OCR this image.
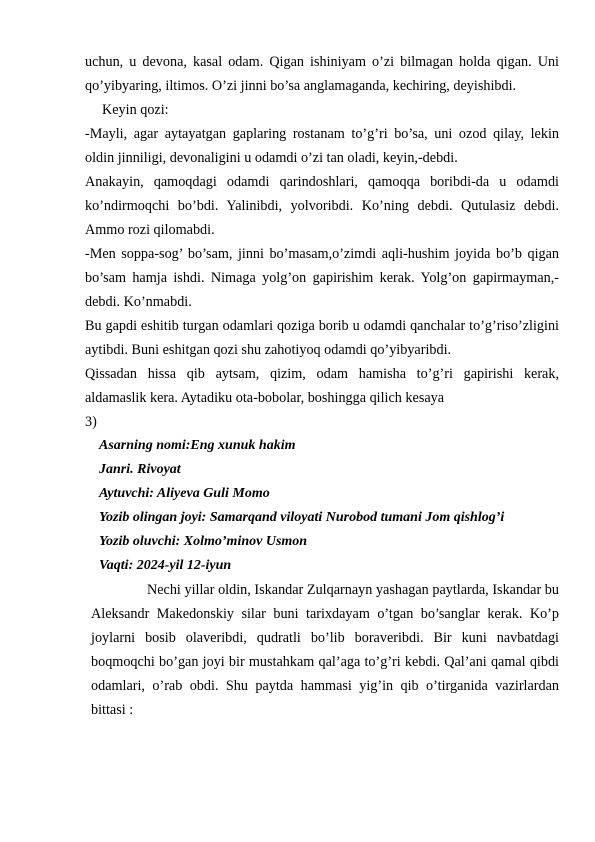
uchun, u devona, kasal odam. Qigan ishiniyam o’zi bilmagan holda qigan. Uni qo’yibyaring, iltimos. O’zi jinni bo’sa anglamaganda, kechiring, deyishibdi.

Keyin qozi:

-Mayli, agar aytayatgan gaplaring rostanam to’g’ri bo’sa, uni ozod qilay, lekin oldin jinniligi, devonaligini u odamdi o’zi tan oladi, keyin,-debdi.

Anakayin, qamoqdagi odamdi qarindoshlari, qamoqqa boribdi-da u odamdi ko’ndirmoqchi bo’bdi. Yalinibdi, yolvoribdi. Ko’ning debdi. Qutulasiz debdi. Ammo rozi qilomabdi.

-Men soppa-sog’ bo’sam, jinni bo’masam,o’zimdi aqli-hushim joyida bo’b qigan bo’sam hamja ishdi. Nimaga yolg’on gapirishim kerak. Yolg’on gapirmayman,-debdi. Ko’nmabdi.

Bu gapdi eshitib turgan odamlari qoziga borib u odamdi qanchalar to’g’riso’zligini aytibdi. Buni eshitgan qozi shu zahotiyoq odamdi qo’yibyaribdi.

Qissadan hissa qib aytsam, qizim, odam hamisha to’g’ri gapirishi kerak, aldamaslik kera. Aytadiku ota-bobolar, boshingga qilich kesaya

3)

Asarning nomi:Eng xunuk hakim

Janri. Rivoyat

Aytuvchi: Aliyeva Guli Momo

Yozib olingan joyi: Samarqand viloyati Nurobod tumani Jom qishlog’i

Yozib oluvchi: Xolmo’minov Usmon

Vaqti: 2024-yil 12-iyun

Nechi yillar oldin, Iskandar Zulqarnayn yashagan paytlarda, Iskandar bu Aleksandr Makedonskiy silar buni tarixdayam o’tgan bo’sanglar kerak. Ko’p joylarni bosib olaveribdi, qudratli bo’lib boraveribdi. Bir kuni navbatdagi boqmoqchi bo’gan joyi bir mustahkam qal’aga to’g’ri kebdi. Qal’ani qamal qibdi odamlari, o’rab obdi. Shu paytda hammasi yig’in qib o’tirganida vazirlardan bittasi :
